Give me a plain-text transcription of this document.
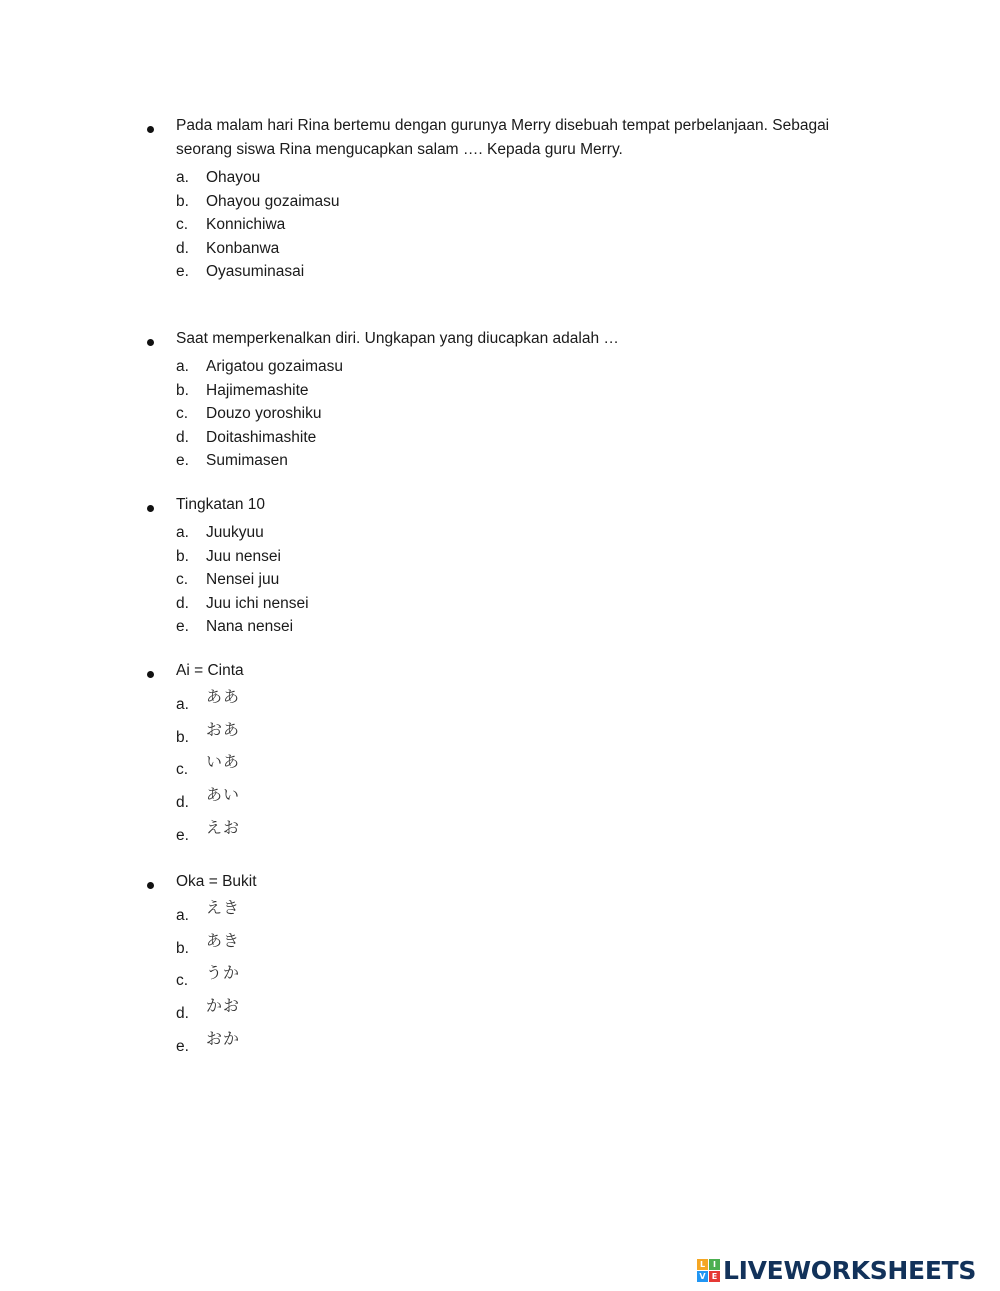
Pada malam hari Rina bertemu dengan gurunya Merry disebuah tempat perbelanjaan. Sebagai
seorang siswa Rina mengucapkan salam …. Kepada guru Merry.
a. Ohayou
b. Ohayou gozaimasu
c. Konnichiwa
d. Konbanwa
e. Oyasuminasai
Saat memperkenalkan diri. Ungkapan yang diucapkan adalah …
a. Arigatou gozaimasu
b. Hajimemashite
c. Douzo yoroshiku
d. Doitashimashite
e. Sumimasen
Tingkatan 10
a. Juukyuu
b. Juu nensei
c. Nensei juu
d. Juu ichi nensei
e. Nana nensei
Ai = Cinta
a. ああ
b. おあ
c. いあ
d. あい
e. えお
Oka = Bukit
a. えき
b. あき
c. うか
d. かお
e. おか
L I
V E LIVEWORKSHEETS
